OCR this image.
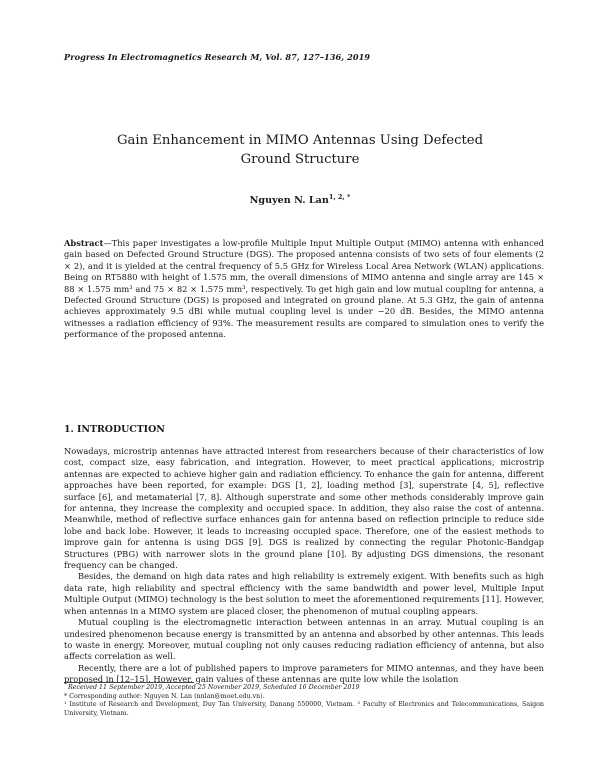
Progress In Electromagnetics Research M, Vol. 87, 127–136, 2019
Gain Enhancement in MIMO Antennas Using Defected
Ground Structure
Nguyen N. Lan$^{1, 2, *}$
Abstract—This paper investigates a low-profile Multiple Input Multiple Output (MIMO) antenna with enhanced gain based on Defected Ground Structure (DGS). The proposed antenna consists of two sets of four elements (2 × 2), and it is yielded at the central frequency of 5.5 GHz for Wireless Local Area Network (WLAN) applications. Being on RT5880 with height of 1.575 mm, the overall dimensions of MIMO antenna and single array are 145 × 88 × 1.575 mm³ and 75 × 82 × 1.575 mm³, respectively. To get high gain and low mutual coupling for antenna, a Defected Ground Structure (DGS) is proposed and integrated on ground plane. At 5.3 GHz, the gain of antenna achieves approximately 9.5 dBi while mutual coupling level is under −20 dB. Besides, the MIMO antenna witnesses a radiation efficiency of 93%. The measurement results are compared to simulation ones to verify the performance of the proposed antenna.
1. INTRODUCTION

Nowadays, microstrip antennas have attracted interest from researchers because of their characteristics of low cost, compact size, easy fabrication, and integration. However, to meet practical applications, microstrip antennas are expected to achieve higher gain and radiation efficiency. To enhance the gain for antenna, different approaches have been reported, for example: DGS [1, 2], loading method [3], superstrate [4, 5], reflective surface [6], and metamaterial [7, 8]. Although superstrate and some other methods considerably improve gain for antenna, they increase the complexity and occupied space. In addition, they also raise the cost of antenna. Meanwhile, method of reflective surface enhances gain for antenna based on reflection principle to reduce side lobe and back lobe. However, it leads to increasing occupied space. Therefore, one of the easiest methods to improve gain for antenna is using DGS [9]. DGS is realized by connecting the regular Photonic-Bandgap Structures (PBG) with narrower slots in the ground plane [10]. By adjusting DGS dimensions, the resonant frequency can be changed.

Besides, the demand on high data rates and high reliability is extremely exigent. With benefits such as high data rate, high reliability and spectral efficiency with the same bandwidth and power level, Multiple Input Multiple Output (MIMO) technology is the best solution to meet the aforementioned requirements [11]. However, when antennas in a MIMO system are placed closer, the phenomenon of mutual coupling appears.

Mutual coupling is the electromagnetic interaction between antennas in an array. Mutual coupling is an undesired phenomenon because energy is transmitted by an antenna and absorbed by other antennas. This leads to waste in energy. Moreover, mutual coupling not only causes reducing radiation efficiency of antenna, but also affects correlation as well.

Recently, there are a lot of published papers to improve parameters for MIMO antennas, and they have been proposed in [12–15]. However, gain values of these antennas are quite low while the isolation

Received 11 September 2019, Accepted 25 November 2019, Scheduled 16 December 2019
* Corresponding author: Nguyen N. Lan (nnlan@moet.edu.vn).
¹ Institute of Research and Development, Duy Tan University, Danang 550000, Vietnam. ² Faculty of Electronics and Telecommunications, Saigon University, Vietnam.
